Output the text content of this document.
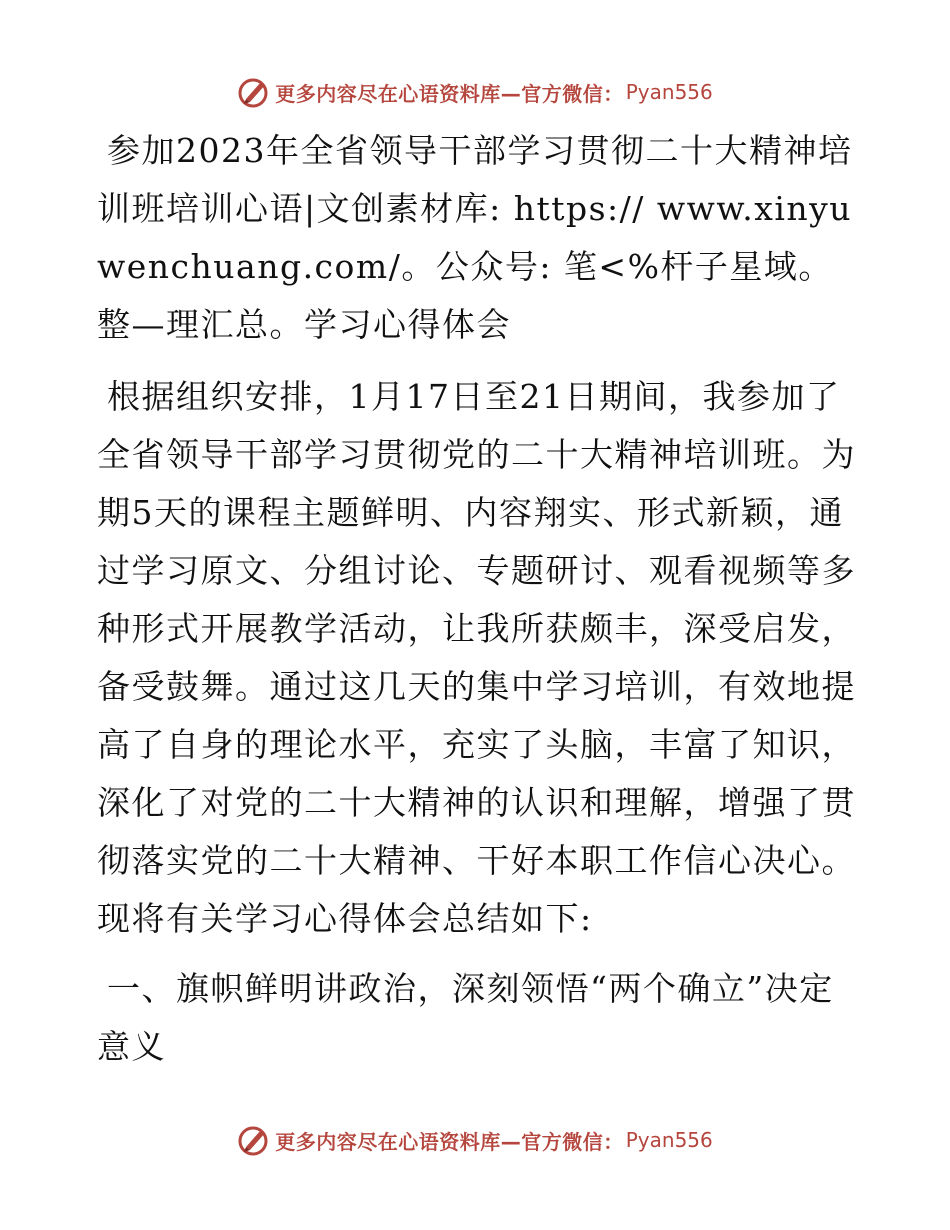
更多内容尽在心语资料库—官方微信： Pyan556

参加2023年全省领导干部学习贯彻二十大精神培训班培训心语|文创素材库: https:// www.xinyuwenchuang.com/。公众号: 笔<%杆子星域。整—理汇总。学习心得体会

根据组织安排，1月17日至21日期间，我参加了全省领导干部学习贯彻党的二十大精神培训班。为期5天的课程主题鲜明、内容翔实、形式新颖，通过学习原文、分组讨论、专题研讨、观看视频等多种形式开展教学活动，让我所获颇丰，深受启发，备受鼓舞。通过这几天的集中学习培训，有效地提高了自身的理论水平，充实了头脑，丰富了知识，深化了对党的二十大精神的认识和理解，增强了贯彻落实党的二十大精神、干好本职工作信心决心。现将有关学习心得体会总结如下:

一、旗帜鲜明讲政治，深刻领悟“两个确立”决定意义

更多内容尽在心语资料库—官方微信： Pyan556
